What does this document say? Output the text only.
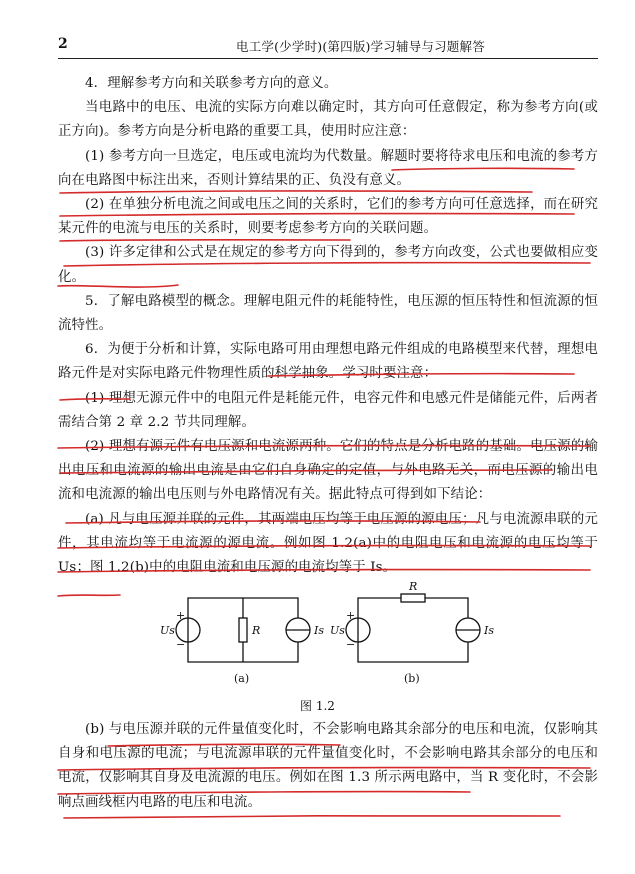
2	电工学(少学时)(第四版)学习辅导与习题解答

4．理解参考方向和关联参考方向的意义。

当电路中的电压、电流的实际方向难以确定时，其方向可任意假定，称为参考方向(或正方向)。参考方向是分析电路的重要工具，使用时应注意：

(1) 参考方向一旦选定，电压或电流均为代数量。解题时要将待求电压和电流的参考方向在电路图中标注出来，否则计算结果的正、负没有意义。

(2) 在单独分析电流之间或电压之间的关系时，它们的参考方向可任意选择，而在研究某元件的电流与电压的关系时，则要考虑参考方向的关联问题。

(3) 许多定律和公式是在规定的参考方向下得到的，参考方向改变，公式也要做相应变化。

5．了解电路模型的概念。理解电阻元件的耗能特性，电压源的恒压特性和恒流源的恒流特性。

6．为便于分析和计算，实际电路可用由理想电路元件组成的电路模型来代替，理想电路元件是对实际电路元件物理性质的科学抽象。学习时要注意：

(1) 理想无源元件中的电阻元件是耗能元件，电容元件和电感元件是储能元件，后两者需结合第 2 章 2.2 节共同理解。

(2) 理想有源元件有电压源和电流源两种。它们的特点是分析电路的基础。电压源的输出电压和电流源的输出电流是由它们自身确定的定值，与外电路无关，而电压源的输出电流和电流源的输出电压则与外电路情况有关。据此特点可得到如下结论：

(a) 凡与电压源并联的元件，其两端电压均等于电压源的源电压；凡与电流源串联的元件，其电流均等于电流源的源电流。例如图 1.2(a)中的电阻电压和电流源的电压均等于 Us；图 1.2(b)中的电阻电流和电压源的电流均等于 Is。

+
−
Us	R	Is
(a)
+
−
Us
R
Is
(b)
图 1.2

(b) 与电压源并联的元件量值变化时，不会影响电路其余部分的电压和电流，仅影响其自身和电压源的电流；与电流源串联的元件量值变化时，不会影响电路其余部分的电压和电流，仅影响其自身及电流源的电压。例如在图 1.3 所示两电路中，当 R 变化时，不会影响点画线框内电路的电压和电流。
